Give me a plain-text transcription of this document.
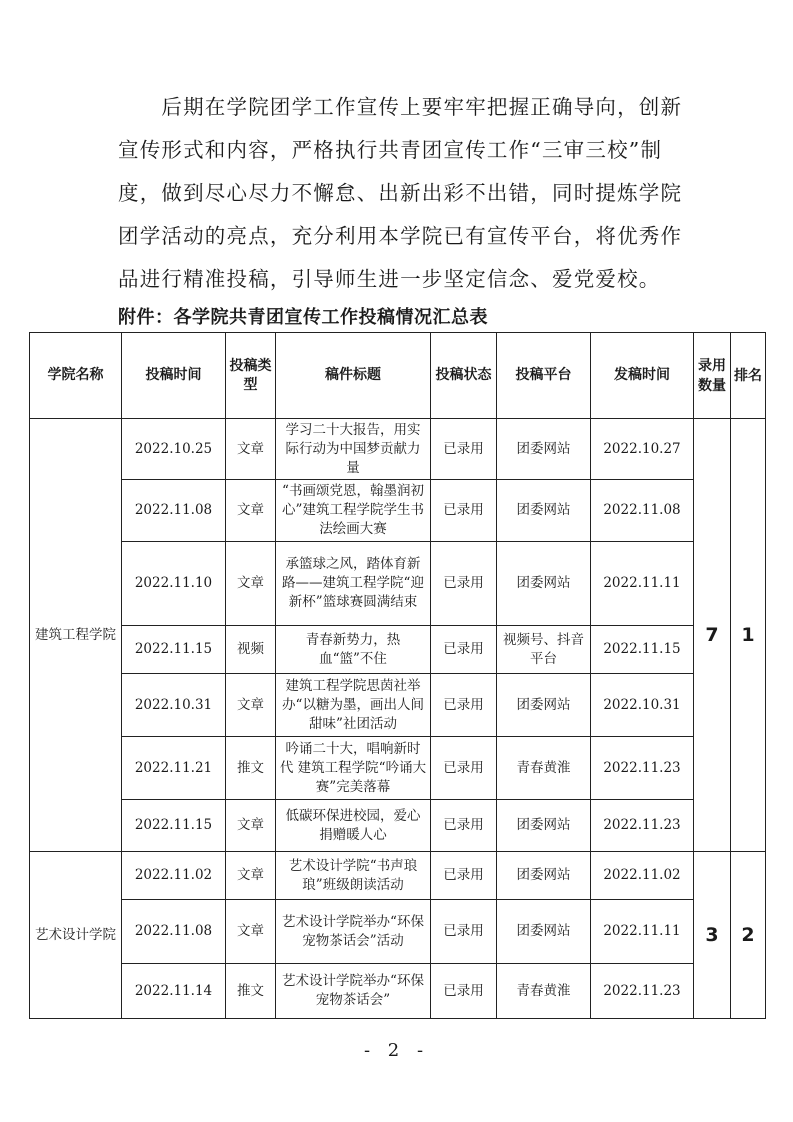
　　后期在学院团学工作宣传上要牢牢把握正确导向，创新
宣传形式和内容，严格执行共青团宣传工作“三审三校”制
度，做到尽心尽力不懈怠、出新出彩不出错，同时提炼学院
团学活动的亮点，充分利用本学院已有宣传平台，将优秀作
品进行精准投稿，引导师生进一步坚定信念、爱党爱校。
附件：各学院共青团宣传工作投稿情况汇总表
学院名称	投稿时间	投稿类型	稿件标题	投稿状态	投稿平台	发稿时间	录用数量	排名
建筑工程学院	2022.10.25	文章	学习二十大报告，用实际行动为中国梦贡献力量	已录用	团委网站	2022.10.27	7	1
	2022.11.08	文章	“书画颂党恩，翰墨润初心”建筑工程学院学生书法绘画大赛	已录用	团委网站	2022.11.08		
	2022.11.10	文章	承篮球之风，踏体育新路——建筑工程学院“迎新杯”篮球赛圆满结束	已录用	团委网站	2022.11.11		
	2022.11.15	视频	青春新势力，热血“篮”不住	已录用	视频号、抖音平台	2022.11.15		
	2022.10.31	文章	建筑工程学院思茵社举办“以糖为墨，画出人间甜味”社团活动	已录用	团委网站	2022.10.31		
	2022.11.21	推文	吟诵二十大，唱响新时代 建筑工程学院“吟诵大赛”完美落幕	已录用	青春黄淮	2022.11.23		
	2022.11.15	文章	低碳环保进校园，爱心捐赠暖人心	已录用	团委网站	2022.11.23		
艺术设计学院	2022.11.02	文章	艺术设计学院“书声琅琅”班级朗读活动	已录用	团委网站	2022.11.02	3	2
	2022.11.08	文章	艺术设计学院举办“环保宠物茶话会”活动	已录用	团委网站	2022.11.11		
	2022.11.14	推文	艺术设计学院举办“环保宠物茶话会”	已录用	青春黄淮	2022.11.23		
- 2 -
